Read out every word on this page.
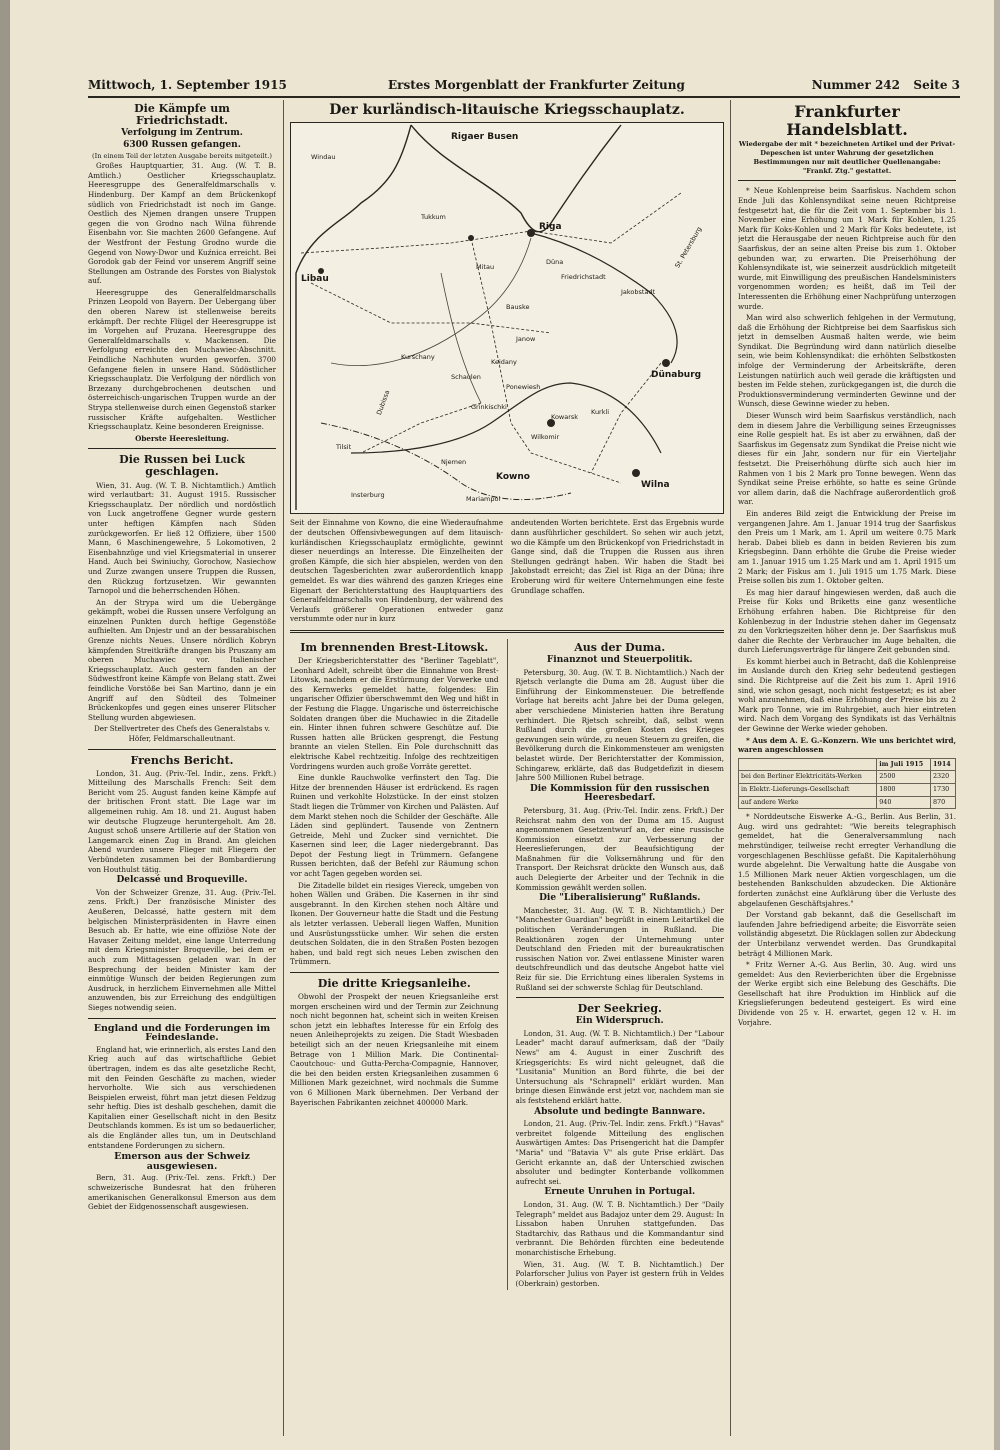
Mittwoch, 1. September 1915	Erstes Morgenblatt der Frankfurter Zeitung	Nummer 242 Seite 3
Die Kämpfe um Friedrichstadt.
Verfolgung im Zentrum.
6300 Russen gefangen.
(In einem Teil der letzten Ausgabe bereits mitgeteilt.)

Großes Hauptquartier, 31. Aug. (W. T. B. Amtlich.) Oestlicher Kriegsschauplatz. Heeresgruppe des Generalfeldmarschalls v. Hindenburg. Der Kampf an dem Brückenkopf südlich von Friedrichstadt ist noch im Gange. Oestlich des Njemen drangen unsere Truppen gegen die von Grodno nach Wilna führende Eisenbahn vor. Sie machten 2600 Gefangene. Auf der Westfront der Festung Grodno wurde die Gegend von Nowy-Dwor und Kuźnica erreicht. Bei Gorodok gab der Feind vor unserem Angriff seine Stellungen am Ostrande des Forstes von Bialystok auf.

Heeresgruppe des Generalfeldmarschalls Prinzen Leopold von Bayern. Der Uebergang über den oberen Narew ist stellenweise bereits erkämpft. Der rechte Flügel der Heeresgruppe ist im Vorgehen auf Pruzana. Heeresgruppe des Generalfeldmarschalls v. Mackensen. Die Verfolgung erreichte den Muchawiec-Abschnitt. Feindliche Nachhuten wurden geworfen. 3700 Gefangene fielen in unsere Hand. Südöstlicher Kriegsschauplatz. Die Verfolgung der nördlich von Brzezany durchgebrochenen deutschen und österreichisch-ungarischen Truppen wurde an der Strypa stellenweise durch einen Gegenstoß starker russischer Kräfte aufgehalten. Westlicher Kriegsschauplatz. Keine besonderen Ereignisse.

Oberste Heeresleitung.
Die Russen bei Luck geschlagen.

Wien, 31. Aug. (W. T. B. Nichtamtlich.) Amtlich wird verlautbart: 31. August 1915. Russischer Kriegsschauplatz. Der nördlich und nordöstlich von Luck angetroffene Gegner wurde gestern unter heftigen Kämpfen nach Süden zurückgeworfen. Er ließ 12 Offiziere, über 1500 Mann, 6 Maschinengewehre, 5 Lokomotiven, 2 Eisenbahnzüge und viel Kriegsmaterial in unserer Hand. Auch bei Swiniuchy, Gorochow, Nasiechow und Zurze zwangen unsere Truppen die Russen, den Rückzug fortzusetzen. Wir gewannten Tarnopol und die beherrschenden Höhen.

An der Strypa wird um die Uebergänge gekämpft, wobei die Russen unsere Verfolgung an einzelnen Punkten durch heftige Gegenstöße aufhielten. Am Dnjestr und an der bessarabischen Grenze nichts Neues. Unsere nördlich Kobryn kämpfenden Streitkräfte drangen bis Pruszany am oberen Muchawiec vor. Italienischer Kriegsschauplatz. Auch gestern fanden an der Südwestfront keine Kämpfe von Belang statt. Zwei feindliche Vorstöße bei San Martino, dann je ein Angriff auf den Südteil des Tolmeiner Brückenkopfes und gegen eines unserer Flitscher Stellung wurden abgewiesen.

Der Stellvertreter des Chefs des Generalstabs v. Höfer, Feldmarschalleutnant.
Frenchs Bericht.

London, 31. Aug. (Priv.-Tel. Indir., zens. Frkft.) Mitteilung des Marschalls French: Seit dem Bericht vom 25. August fanden keine Kämpfe auf der britischen Front statt. Die Lage war im allgemeinen ruhig. Am 18. und 21. August haben wir deutsche Flugzeuge heruntergeholt. Am 28. August schoß unsere Artillerie auf der Station von Langemarck einen Zug in Brand. Am gleichen Abend wurden unsere Flieger mit Fliegern der Verbündeten zusammen bei der Bombardierung von Houthulst tätig.

Delcassé und Broqueville.

Von der Schweizer Grenze, 31. Aug. (Priv.-Tel. zens. Frkft.) Der französische Minister des Aeußeren, Delcassé, hatte gestern mit dem belgischen Ministerpräsidenten in Havre einen Besuch ab. Er hatte, wie eine offiziöse Note der Havaser Zeitung meldet, eine lange Unterredung mit dem Kriegsminister Broqueville, bei dem er auch zum Mittagessen geladen war. In der Besprechung der beiden Minister kam der einmütige Wunsch der beiden Regierungen zum Ausdruck, in herzlichem Einvernehmen alle Mittel anzuwenden, bis zur Erreichung des endgültigen Sieges notwendig seien.

England und die Forderungen im Feindeslande.

England hat, wie erinnerlich, als erstes Land den Krieg auch auf das wirtschaftliche Gebiet übertragen, indem es das alte gesetzliche Recht, mit den Feinden Geschäfte zu machen, wieder hervorholte. Wie sich aus verschiedenen Beispielen erweist, führt man jetzt diesen Feldzug sehr heftig. Dies ist deshalb geschehen, damit die Kapitalien einer Gesellschaft nicht in den Besitz Deutschlands kommen. Es ist um so bedauerlicher, als die Engländer alles tun, um in Deutschland entstandene Forderungen zu sichern.

Emerson aus der Schweiz ausgewiesen.

Bern, 31. Aug. (Priv.-Tel. zens. Frkft.) Der schweizerische Bundesrat hat den früheren amerikanischen Generalkonsul Emerson aus dem Gebiet der Eidgenossenschaft ausgewiesen.

Der kurländisch-litauische Kriegsschauplatz.
Rigaer Busen
Windau
Riga
Libau
Mitau
Düna
Friedrichstadt
Jakobstadt
Bauske
Tukkum
Dünaburg
Kurschany
Schaulen
Ponewiesh
Kurkli
Kowarsk
Wilkomir
Grinkischki
Kowno
Njemen
Tilsit
Insterburg
Wilna
Mariampol
St. Petersburg
Dubissa
Keidany
Janow
Seit der Einnahme von Kowno, die eine Wiederaufnahme der deutschen Offensivbewegungen auf dem litauisch-kurländischen Kriegsschauplatz ermöglichte, gewinnt dieser neuerdings an Interesse. Die Einzelheiten der großen Kämpfe, die sich hier abspielen, werden von den deutschen Tagesberichten zwar außerordentlich knapp gemeldet. Es war dies während des ganzen Krieges eine Eigenart der Berichterstattung des Hauptquartiers des Generalfeldmarschalls von Hindenburg, der während des Verlaufs größerer Operationen entweder ganz verstummte oder nur in kurz
andeutenden Worten berichtete. Erst das Ergebnis wurde dann ausführlicher geschildert. So sehen wir auch jetzt, wo die Kämpfe um den Brückenkopf von Friedrichstadt in Gange sind, daß die Truppen die Russen aus ihren Stellungen gedrängt haben. Wir haben die Stadt bei Jakobstadt erreicht; das Ziel ist Riga an der Düna; ihre Eroberung wird für weitere Unternehmungen eine feste Grundlage schaffen.
Im brennenden Brest-Litowsk.

Der Kriegsberichterstatter des "Berliner Tageblatt", Leonhard Adelt, schreibt über die Einnahme von Brest-Litowsk, nachdem er die Erstürmung der Vorwerke und des Kernwerks gemeldet hatte, folgendes: Ein ungarischer Offizier überschwemmt den Weg und hißt in der Festung die Flagge. Ungarische und österreichische Soldaten drangen über die Muchawiec in die Zitadelle ein. Hinter ihnen fuhren schwere Geschütze auf. Die Russen hatten alle Brücken gesprengt, die Festung brannte an vielen Stellen. Ein Pole durchschnitt das elektrische Kabel rechtzeitig. Infolge des rechtzeitigen Vordringens wurden auch große Vorräte gerettet.

Eine dunkle Rauchwolke verfinstert den Tag. Die Hitze der brennenden Häuser ist erdrückend. Es ragen Ruinen und verkohlte Holzstücke. In der einst stolzen Stadt liegen die Trümmer von Kirchen und Palästen. Auf dem Markt stehen noch die Schilder der Geschäfte. Alle Läden sind geplündert. Tausende von Zentnern Getreide, Mehl und Zucker sind vernichtet. Die Kasernen sind leer, die Lager niedergebrannt. Das Depot der Festung liegt in Trümmern. Gefangene Russen berichten, daß der Befehl zur Räumung schon vor acht Tagen gegeben worden sei.

Die Zitadelle bildet ein riesiges Viereck, umgeben von hohen Wällen und Gräben. Die Kasernen in ihr sind ausgebrannt. In den Kirchen stehen noch Altäre und Ikonen. Der Gouverneur hatte die Stadt und die Festung als letzter verlassen. Ueberall liegen Waffen, Munition und Ausrüstungsstücke umher. Wir sehen die ersten deutschen Soldaten, die in den Straßen Posten bezogen haben, und bald regt sich neues Leben zwischen den Trümmern.

Die dritte Kriegsanleihe.

Obwohl der Prospekt der neuen Kriegsanleihe erst morgen erscheinen wird und der Termin zur Zeichnung noch nicht begonnen hat, scheint sich in weiten Kreisen schon jetzt ein lebhaftes Interesse für ein Erfolg des neuen Anleiheprojekts zu zeigen. Die Stadt Wiesbaden beteiligt sich an der neuen Kriegsanleihe mit einem Betrage von 1 Million Mark. Die Continental-Caoutchouc- und Gutta-Percha-Compagnie, Hannover, die bei den beiden ersten Kriegsanleihen zusammen 6 Millionen Mark gezeichnet, wird nochmals die Summe von 6 Millionen Mark übernehmen. Der Verband der Bayerischen Fabrikanten zeichnet 400000 Mark.

Aus der Duma.
Finanznot und Steuerpolitik.

Petersburg, 30. Aug. (W. T. B. Nichtamtlich.) Nach der Rjetsch verlangte die Duma am 28. August über die Einführung der Einkommensteuer. Die betreffende Vorlage hat bereits acht Jahre bei der Duma gelegen, aber verschiedene Ministerien hatten ihre Beratung verhindert. Die Rjetsch schreibt, daß, selbst wenn Rußland durch die großen Kosten des Krieges gezwungen sein würde, zu neuen Steuern zu greifen, die Bevölkerung durch die Einkommensteuer am wenigsten belastet würde. Der Berichterstatter der Kommission, Schingarew, erklärte, daß das Budgetdefizit in diesem Jahre 500 Millionen Rubel betrage.

Die Kommission für den russischen Heeresbedarf.

Petersburg, 31. Aug. (Priv.-Tel. Indir. zens. Frkft.) Der Reichsrat nahm den von der Duma am 15. August angenommenen Gesetzentwurf an, der eine russische Kommission einsetzt zur Verbesserung der Heereslieferungen, der Beaufsichtigung der Maßnahmen für die Volksernährung und für den Transport. Der Reichsrat drückte den Wunsch aus, daß auch Delegierte der Arbeiter und der Technik in die Kommission gewählt werden sollen.

Die "Liberalisierung" Rußlands.

Manchester, 31. Aug. (W. T. B. Nichtamtlich.) Der "Manchester Guardian" begrüßt in einem Leitartikel die politischen Veränderungen in Rußland. Die Reaktionären zogen der Unternehmung unter Deutschland den Frieden mit der bureaukratischen russischen Nation vor. Zwei entlassene Minister waren deutschfreundlich und das deutsche Angebot hatte viel Reiz für sie. Die Errichtung eines liberalen Systems in Rußland sei der schwerste Schlag für Deutschland.

Der Seekrieg.
Ein Widerspruch.

London, 31. Aug. (W. T. B. Nichtamtlich.) Der "Labour Leader" macht darauf aufmerksam, daß der "Daily News" am 4. August in einer Zuschrift des Kriegsgerichts: Es wird nicht geleugnet, daß die "Lusitania" Munition an Bord führte, die bei der Untersuchung als "Schrapnell" erklärt wurden. Man bringe diesen Einwände erst jetzt vor, nachdem man sie als feststehend erklärt hatte.

Absolute und bedingte Bannware.

London, 21. Aug. (Priv.-Tel. Indir. zens. Frkft.) "Havas" verbreitet folgende Mitteilung des englischen Auswärtigen Amtes: Das Prisengericht hat die Dampfer "Maria" und "Batavia V" als gute Prise erklärt. Das Gericht erkannte an, daß der Unterschied zwischen absoluter und bedingter Konterbande vollkommen aufrecht sei.

Erneute Unruhen in Portugal.

London, 31. Aug. (W. T. B. Nichtamtlich.) Der "Daily Telegraph" meldet aus Badajoz unter dem 29. August: In Lissabon haben Unruhen stattgefunden. Das Stadtarchiv, das Rathaus und die Kommandantur sind verbrannt. Die Behörden fürchten eine bedeutende monarchistische Erhebung.

Wien, 31. Aug. (W. T. B. Nichtamtlich.) Der Polarforscher Julius von Payer ist gestern früh in Veldes (Oberkrain) gestorben.

Frankfurter Handelsblatt.
Wiedergabe der mit * bezeichneten Artikel und der Privat-Depeschen ist unter Wahrung der gesetzlichen Bestimmungen nur mit deutlicher Quellenangabe: "Frankf. Ztg." gestattet.

* Neue Kohlenpreise beim Saarfiskus. Nachdem schon Ende Juli das Kohlensyndikat seine neuen Richtpreise festgesetzt hat, die für die Zeit vom 1. September bis 1. November eine Erhöhung um 1 Mark für Kohlen, 1.25 Mark für Koks-Kohlen und 2 Mark für Koks bedeutete, ist jetzt die Herausgabe der neuen Richtpreise auch für den Saarfiskus, der an seine alten Preise bis zum 1. Oktober gebunden war, zu erwarten. Die Preiserhöhung der Kohlensyndikate ist, wie seinerzeit ausdrücklich mitgeteilt wurde, mit Einwilligung des preußischen Handelsministers vorgenommen worden; es heißt, daß im Teil der Interessenten die Erhöhung einer Nachprüfung unterzogen wurde.

Man wird also schwerlich fehlgehen in der Vermutung, daß die Erhöhung der Richtpreise bei dem Saarfiskus sich jetzt in demselben Ausmaß halten werde, wie beim Syndikat. Die Begründung wird dann natürlich dieselbe sein, wie beim Kohlensyndikat: die erhöhten Selbstkosten infolge der Verminderung der Arbeitskräfte, deren Leistungen natürlich auch weil gerade die kräftigsten und besten im Felde stehen, zurückgegangen ist, die durch die Produktionsverminderung verminderten Gewinne und der Wunsch, diese Gewinne wieder zu heben.

Dieser Wunsch wird beim Saarfiskus verständlich, nach dem in diesem Jahre die Verbilligung seines Erzeugnisses eine Rolle gespielt hat. Es ist aber zu erwähnen, daß der Saarfiskus im Gegensatz zum Syndikat die Preise nicht wie dieses für ein Jahr, sondern nur für ein Vierteljahr festsetzt. Die Preiserhöhung dürfte sich auch hier im Rahmen von 1 bis 2 Mark pro Tonne bewegen. Wenn das Syndikat seine Preise erhöhte, so hatte es seine Gründe vor allem darin, daß die Nachfrage außerordentlich groß war.

Ein anderes Bild zeigt die Entwicklung der Preise im vergangenen Jahre. Am 1. Januar 1914 trug der Saarfiskus den Preis um 1 Mark, am 1. April um weitere 0.75 Mark herab. Dabei blieb es dann in beiden Revieren bis zum Kriegsbeginn. Dann erhöhte die Grube die Preise wieder am 1. Januar 1915 um 1.25 Mark und am 1. April 1915 um 2 Mark; der Fiskus am 1. Juli 1915 um 1.75 Mark. Diese Preise sollen bis zum 1. Oktober gelten.

Es mag hier darauf hingewiesen werden, daß auch die Preise für Koks und Briketts eine ganz wesentliche Erhöhung erfahren haben. Die Richtpreise für den Kohlenbezug in der Industrie stehen daher im Gegensatz zu den Vorkriegszeiten höher denn je. Der Saarfiskus muß daher die Rechte der Verbraucher im Auge behalten, die durch Lieferungsverträge für längere Zeit gebunden sind.

Es kommt hierbei auch in Betracht, daß die Kohlenpreise im Auslande durch den Krieg sehr bedeutend gestiegen sind. Die Richtpreise auf die Zeit bis zum 1. April 1916 sind, wie schon gesagt, noch nicht festgesetzt; es ist aber wohl anzunehmen, daß eine Erhöhung der Preise bis zu 2 Mark pro Tonne, wie im Ruhrgebiet, auch hier eintreten wird. Nach dem Vorgang des Syndikats ist das Verhältnis der Gewinne der Werke wieder gehoben.

* Aus dem A. E. G.-Konzern. Wie uns berichtet wird, waren angeschlossen

	im Juli 1915	1914
bei den Berliner Elektricitäts-Werken	2500	2320
in Elektr.-Lieferungs-Gesellschaft	1800	1730
auf andere Werke	940	870

* Norddeutsche Eiswerke A.-G., Berlin. Aus Berlin, 31. Aug. wird uns gedrahtet: "Wie bereits telegraphisch gemeldet, hat die Generalversammlung nach mehrstündiger, teilweise recht erregter Verhandlung die vorgeschlagenen Beschlüsse gefaßt. Die Kapitalerhöhung wurde abgelehnt. Die Verwaltung hatte die Ausgabe von 1.5 Millionen Mark neuer Aktien vorgeschlagen, um die bestehenden Bankschulden abzudecken. Die Aktionäre forderten zunächst eine Aufklärung über die Verluste des abgelaufenen Geschäftsjahres."

Der Vorstand gab bekannt, daß die Gesellschaft im laufenden Jahre befriedigend arbeite; die Eisvorräte seien vollständig abgesetzt. Die Rücklagen sollen zur Abdeckung der Unterbilanz verwendet werden. Das Grundkapital beträgt 4 Millionen Mark.

* Fritz Werner A.-G. Aus Berlin, 30. Aug. wird uns gemeldet: Aus den Revierberichten über die Ergebnisse der Werke ergibt sich eine Belebung des Geschäfts. Die Gesellschaft hat ihre Produktion im Hinblick auf die Kriegslieferungen bedeutend gesteigert. Es wird eine Dividende von 25 v. H. erwartet, gegen 12 v. H. im Vorjahre.
